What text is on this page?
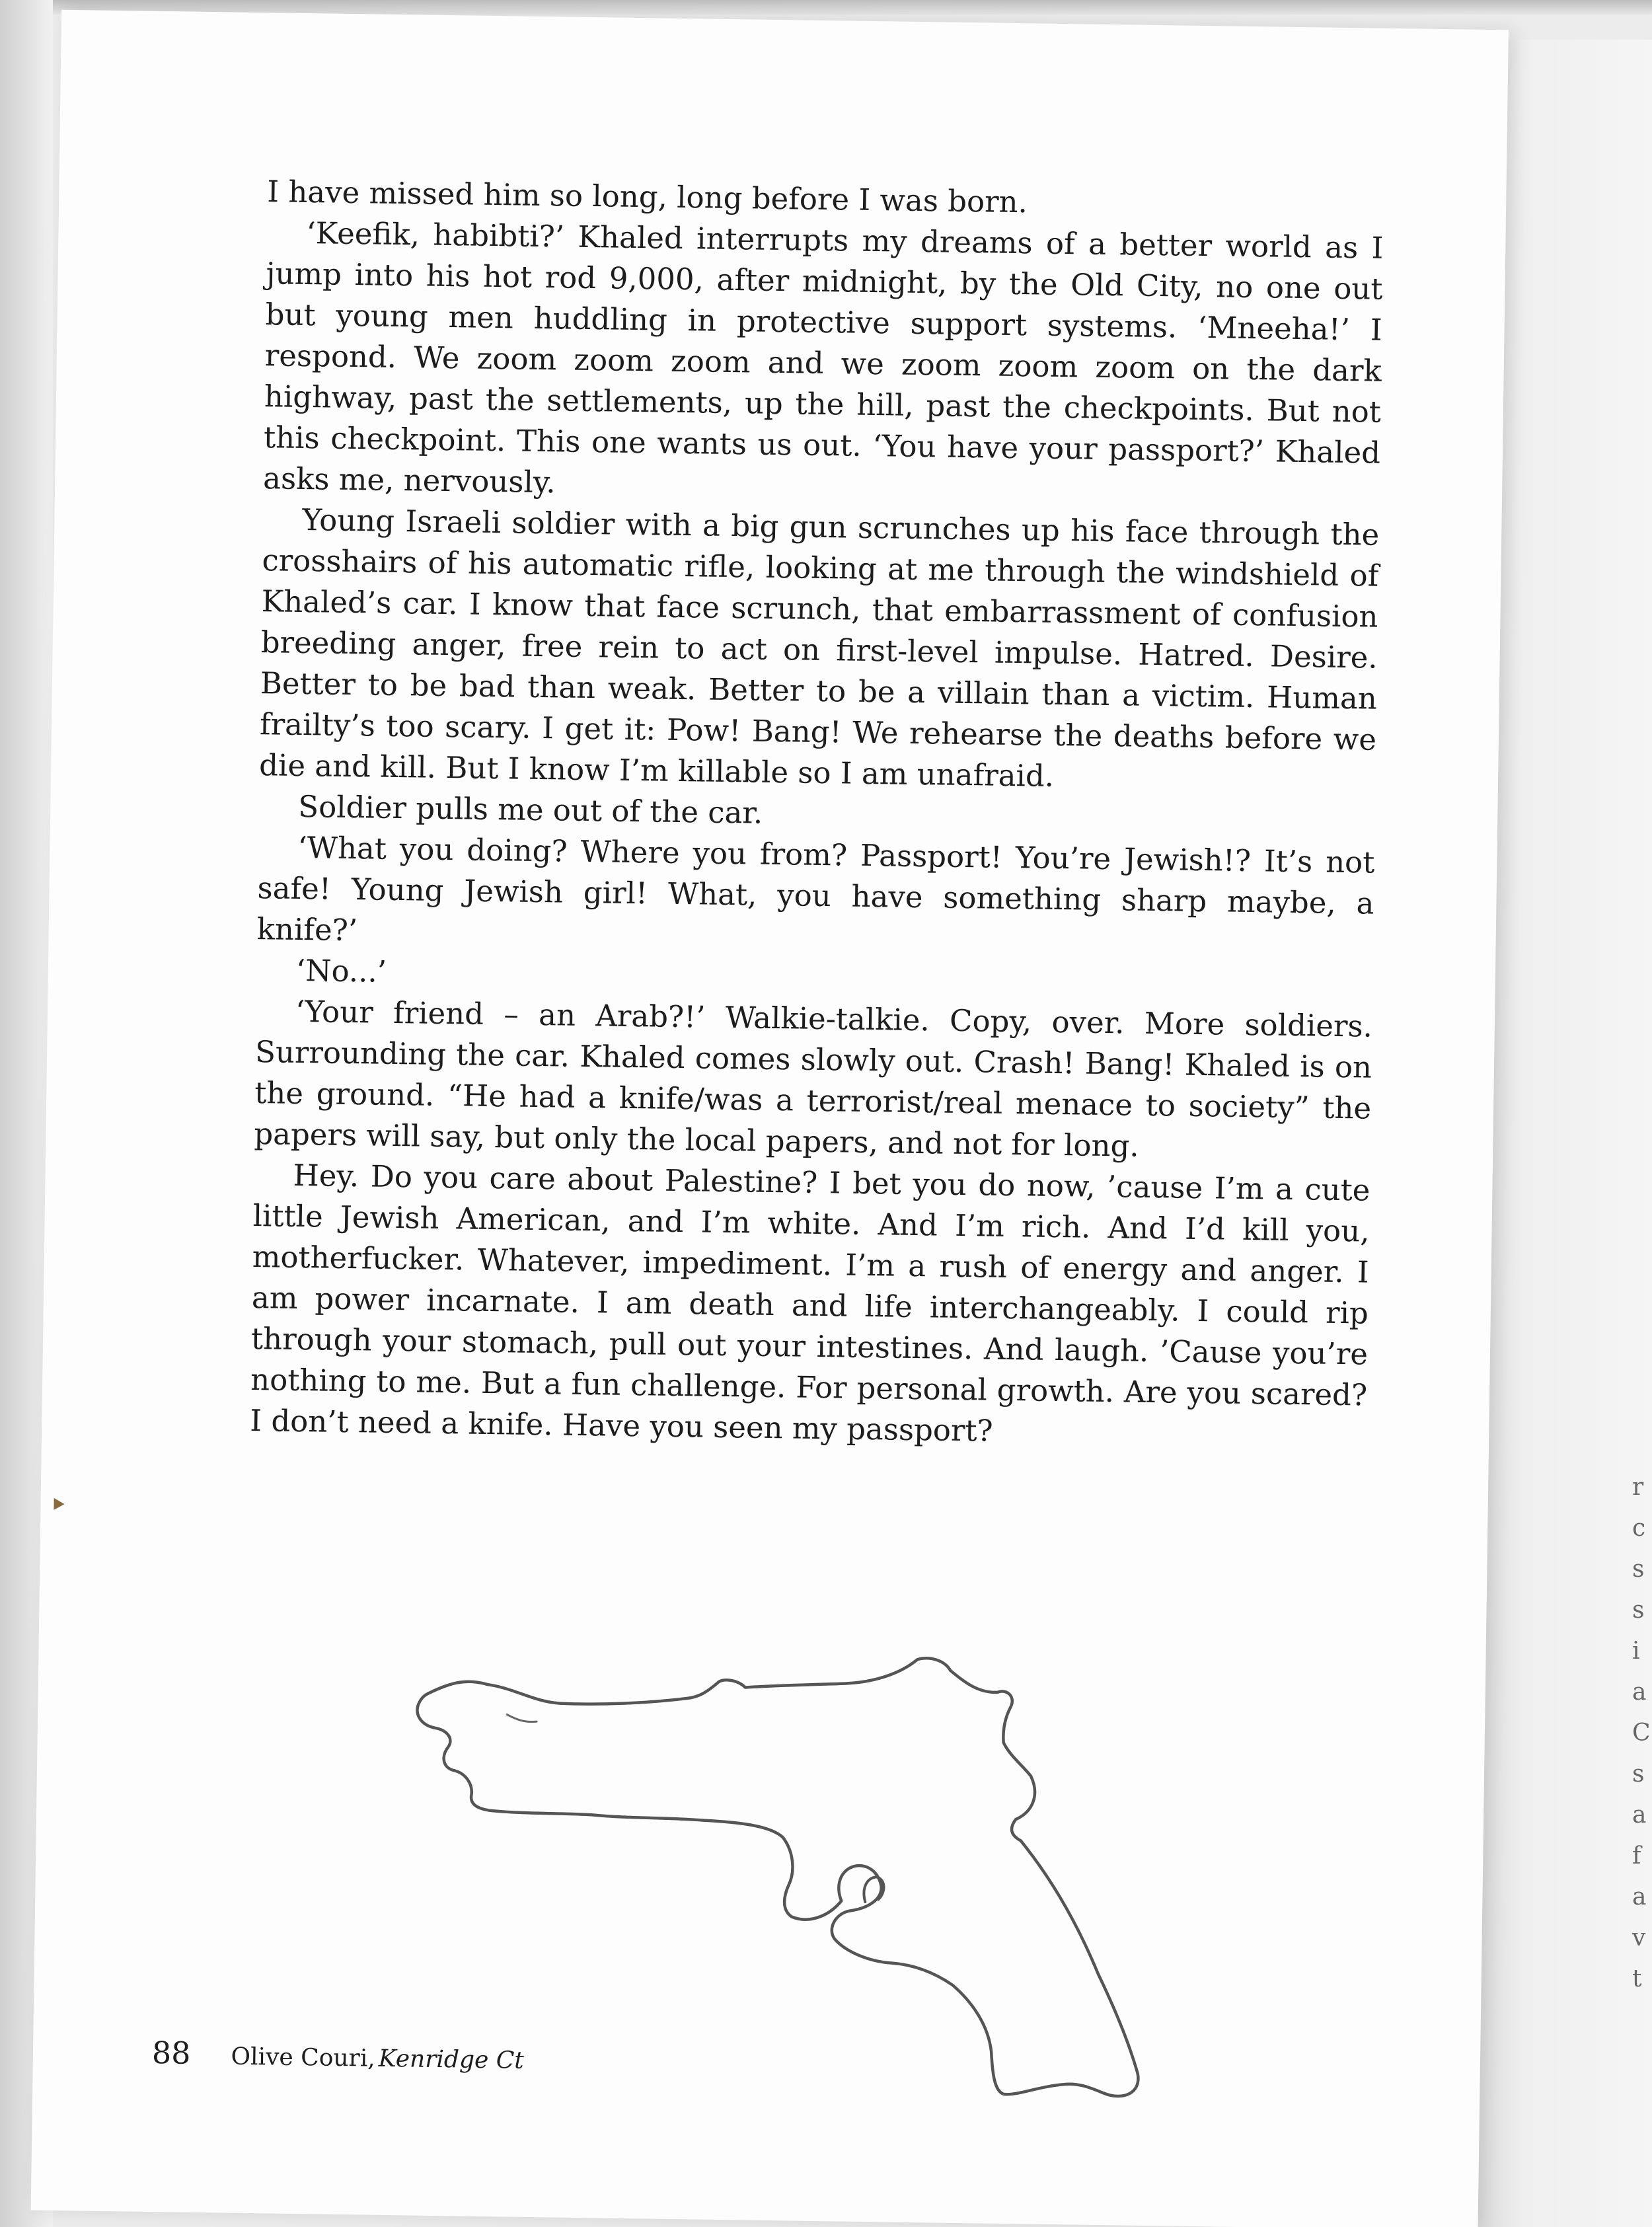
r
c
s
s
i
a
C
s
a
f
a
v
t

I have missed him so long, long before I was born.

‘Keefik, habibti?’ Khaled interrupts my dreams of a better world as I jump into his hot rod 9,000, after midnight, by the Old City, no one out but young men huddling in protective support systems. ‘Mneeha!’ I respond. We zoom zoom zoom and we zoom zoom zoom on the dark highway, past the settlements, up the hill, past the checkpoints. But not this checkpoint. This one wants us out. ‘You have your passport?’ Khaled asks me, nervously.

Young Israeli soldier with a big gun scrunches up his face through the crosshairs of his automatic rifle, looking at me through the windshield of Khaled’s car. I know that face scrunch, that embarrassment of confusion breeding anger, free rein to act on first-level impulse. Hatred. Desire. Better to be bad than weak. Better to be a villain than a victim. Human frailty’s too scary. I get it: Pow! Bang! We rehearse the deaths before we die and kill. But I know I’m killable so I am unafraid.

Soldier pulls me out of the car.

‘What you doing? Where you from? Passport! You’re Jewish!? It’s not safe! Young Jewish girl! What, you have something sharp maybe, a knife?’

‘No...’

‘Your friend – an Arab?!’ Walkie-talkie. Copy, over. More soldiers. Surrounding the car. Khaled comes slowly out. Crash! Bang! Khaled is on the ground. “He had a knife/was a terrorist/real menace to society” the papers will say, but only the local papers, and not for long.

Hey. Do you care about Palestine? I bet you do now, ’cause I’m a cute little Jewish American, and I’m white. And I’m rich. And I’d kill you, motherfucker. Whatever, impediment. I’m a rush of energy and anger. I am power incarnate. I am death and life interchangeably. I could rip through your stomach, pull out your intestines. And laugh. ’Cause you’re nothing to me. But a fun challenge. For personal growth. Are you scared? I don’t need a knife. Have you seen my passport?

88 Olive Couri, Kenridge Ct
